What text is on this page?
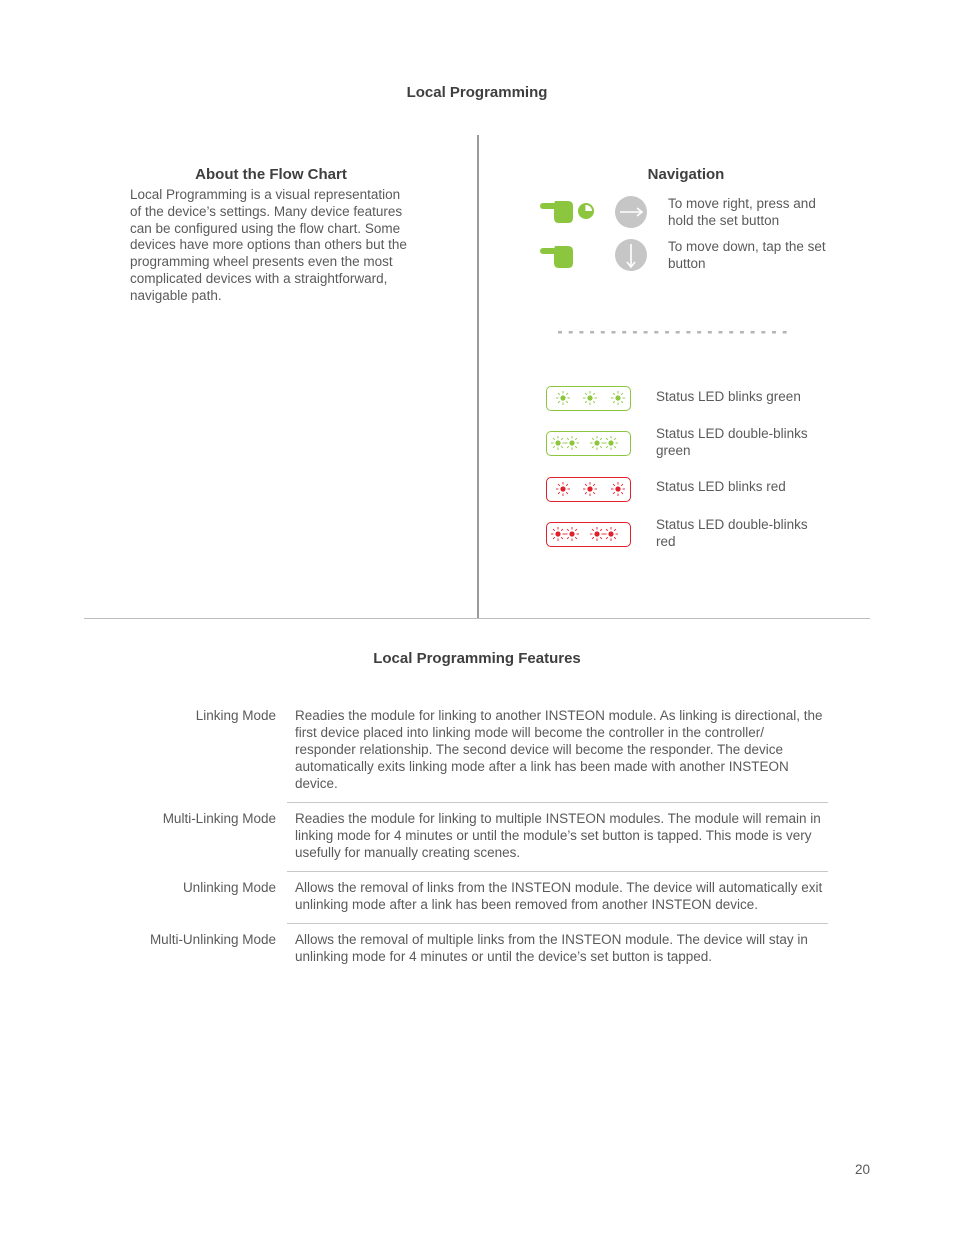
Local Programming
About the Flow Chart

Local Programming is a visual representation of the device’s settings. Many device features can be configured using the flow chart. Some devices have more options than others but the programming wheel presents even the most complicated devices with a straightforward, navigable path.

Navigation

To move right, press and hold the set button

To move down, tap the set button

Status LED blinks green

Status LED double-blinks green

Status LED blinks red

Status LED double-blinks red

Local Programming Features

Linking Mode Readies the module for linking to another INSTEON module. As linking is directional, the first device placed into linking mode will become the controller in the controller/ responder relationship. The second device will become the responder. The device automatically exits linking mode after a link has been made with another INSTEON device.

Multi-Linking Mode Readies the module for linking to multiple INSTEON modules. The module will remain in linking mode for 4 minutes or until the module’s set button is tapped. This mode is very usefully for manually creating scenes.

Unlinking Mode Allows the removal of links from the INSTEON module. The device will automatically exit unlinking mode after a link has been removed from another INSTEON device.

Multi-Unlinking Mode Allows the removal of multiple links from the INSTEON module. The device will stay in unlinking mode for 4 minutes or until the device’s set button is tapped.

20
